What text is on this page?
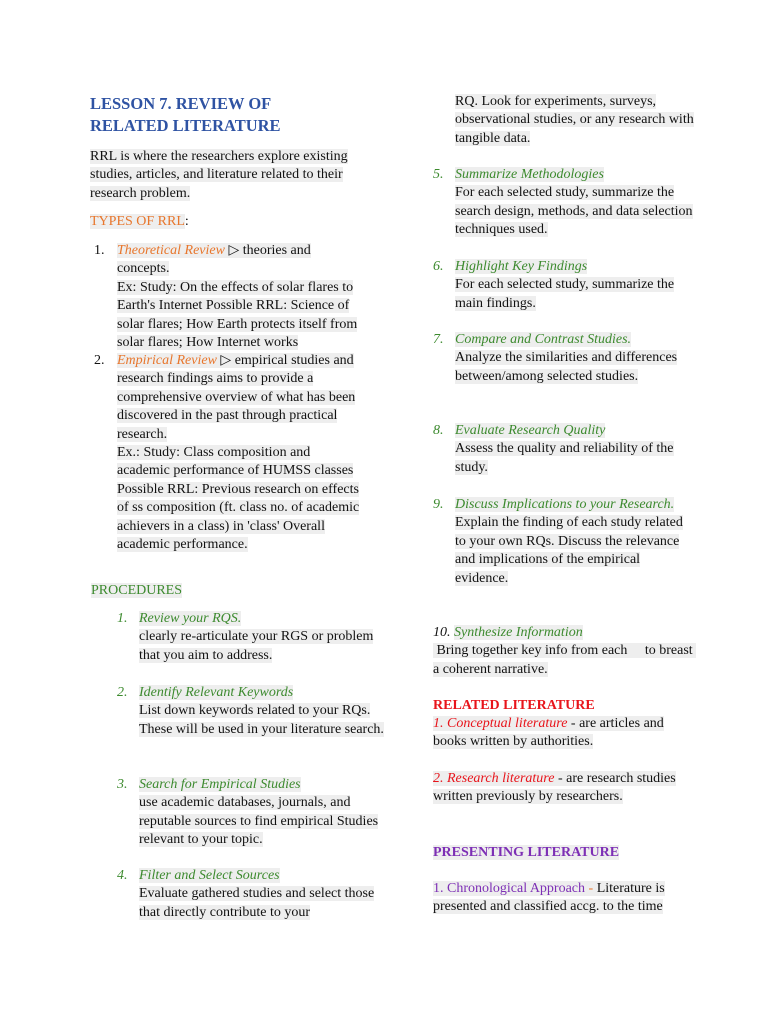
LESSON 7. REVIEW OF
RELATED LITERATURE
RRL is where the researchers explore existing studies, articles, and literature related to their research problem.
TYPES OF RRL:
1. Theoretical Review ▷ theories and concepts.
Ex: Study: On the effects of solar flares to Earth's Internet Possible RRL: Science of solar flares; How Earth protects itself from solar flares; How Internet works
2. Empirical Review ▷ empirical studies and research findings aims to provide a comprehensive overview of what has been discovered in the past through practical research.
Ex.: Study: Class composition and academic performance of HUMSS classes Possible RRL: Previous research on effects of ss composition (ft. class no. of academic achievers in a class) in 'class' Overall academic performance.
PROCEDURES
1. Review your RQS.
clearly re-articulate your RGS or problem that you aim to address.
2. Identify Relevant Keywords
List down keywords related to your RQs. These will be used in your literature search.
3. Search for Empirical Studies
use academic databases, journals, and reputable sources to find empirical Studies relevant to your topic.
4. Filter and Select Sources
Evaluate gathered studies and select those that directly contribute to your
RQ. Look for experiments, surveys, observational studies, or any research with tangible data.
5. Summarize Methodologies
For each selected study, summarize the search design, methods, and data selection techniques used.
6. Highlight Key Findings
For each selected study, summarize the main findings.
7. Compare and Contrast Studies.
Analyze the similarities and differences between/among selected studies.
8. Evaluate Research Quality
Assess the quality and reliability of the study.
9. Discuss Implications to your Research.
Explain the finding of each study related to your own RQs. Discuss the relevance and implications of the empirical evidence.
10. Synthesize Information
Bring together key info from each     to breast a coherent narrative.
RELATED LITERATURE
1. Conceptual literature - are articles and books written by authorities.
2. Research literature - are research studies written previously by researchers.
PRESENTING LITERATURE
1. Chronological Approach - Literature is presented and classified accg. to the time
